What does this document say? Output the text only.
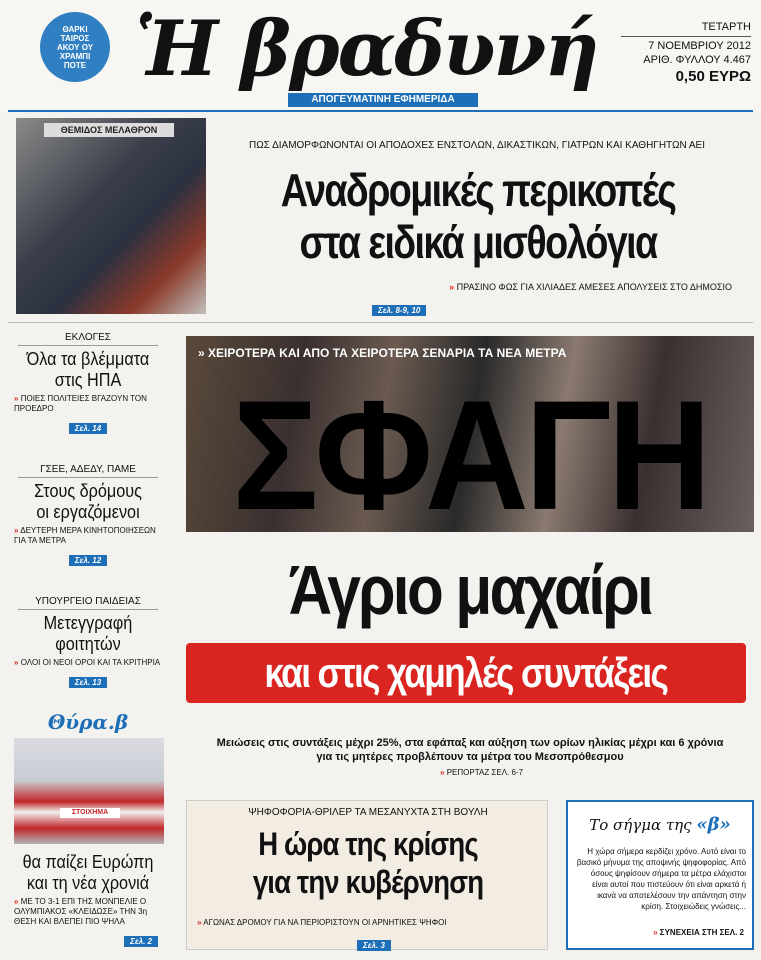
ΘΑΡΚΙ ΤΑΙΡΟΣ ΑΚΟΥ ΟΥ ΧΡΑΜΠΙ ΠΟΤΕ Ἡ βραδυνή
ΑΠΟΓΕΥΜΑΤΙΝΗ ΕΦΗΜΕΡΙΔΑ
ΤΕΤΑΡΤΗ
7 ΝΟΕΜΒΡΙΟΥ 2012
ΑΡΙΘ. ΦΥΛΛΟΥ 4.467
0,50 ΕΥΡΩ
ΘΕΜΙΔΟΣ ΜΕΛΑΘΡΟΝ
ΠΩΣ ΔΙΑΜΟΡΦΩΝΟΝΤΑΙ ΟΙ ΑΠΟΔΟΧΕΣ ΕΝΣΤΟΛΩΝ, ΔΙΚΑΣΤΙΚΩΝ, ΓΙΑΤΡΩΝ ΚΑΙ ΚΑΘΗΓΗΤΩΝ ΑΕΙ
Αναδρομικές περικοπές
στα ειδικά μισθολόγια
» ΠΡΑΣΙΝΟ ΦΩΣ ΓΙΑ ΧΙΛΙΑΔΕΣ ΑΜΕΣΕΣ ΑΠΟΛΥΣΕΙΣ ΣΤΟ ΔΗΜΟΣΙΟ
Σελ. 8-9, 10
ΕΚΛΟΓΕΣ
Όλα τα βλέμματα
στις ΗΠΑ
» ΠΟΙΕΣ ΠΟΛΙΤΕΙΕΣ ΒΓΑΖΟΥΝ ΤΟΝ ΠΡΟΕΔΡΟ
Σελ. 14
ΓΣΕΕ, ΑΔΕΔΥ, ΠΑΜΕ
Στους δρόμους
οι εργαζόμενοι
» ΔΕΥΤΕΡΗ ΜΕΡΑ ΚΙΝΗΤΟΠΟΙΗΣΕΩΝ ΓΙΑ ΤΑ ΜΕΤΡΑ
Σελ. 12
ΥΠΟΥΡΓΕΙΟ ΠΑΙΔΕΙΑΣ
Μετεγγραφή
φοιτητών
» ΟΛΟΙ ΟΙ ΝΕΟΙ ΟΡΟΙ ΚΑΙ ΤΑ ΚΡΙΤΗΡΙΑ
Σελ. 13
Θύρα.β
ΣΤΟΙΧΗΜΑ
θα παίζει Ευρώπη
και τη νέα χρονιά
» ΜΕ ΤΟ 3-1 ΕΠΙ ΤΗΣ ΜΟΝΠΕΛΙΕ Ο ΟΛΥΜΠΙΑΚΟΣ «ΚΛΕΙΔΩΣΕ» ΤΗΝ 3η ΘΕΣΗ ΚΑΙ ΒΛΕΠΕΙ ΠΙΟ ΨΗΛΑ
Σελ. 2
» ΧΕΙΡΟΤΕΡΑ ΚΑΙ ΑΠΟ ΤΑ ΧΕΙΡΟΤΕΡΑ ΣΕΝΑΡΙΑ ΤΑ ΝΕΑ ΜΕΤΡΑ
ΣΦΑΓΗ
Άγριο μαχαίρι
και στις χαμηλές συντάξεις
Μειώσεις στις συντάξεις μέχρι 25%, στα εφάπαξ και αύξηση των ορίων ηλικίας μέχρι και 6 χρόνια
για τις μητέρες προβλέπουν τα μέτρα του Μεσοπρόθεσμου
» ΡΕΠΟΡΤΑΖ ΣΕΛ. 6-7
ΨΗΦΟΦΟΡΙΑ-ΘΡΙΛΕΡ ΤΑ ΜΕΣΑΝΥΧΤΑ ΣΤΗ ΒΟΥΛΗ
Η ώρα της κρίσης
για την κυβέρνηση
» ΑΓΩΝΑΣ ΔΡΟΜΟΥ ΓΙΑ ΝΑ ΠΕΡΙΟΡΙΣΤΟΥΝ ΟΙ ΑΡΝΗΤΙΚΕΣ ΨΗΦΟΙ
Σελ. 3
Το σήγμα της «β»
Η χώρα σήμερα κερδίζει χρόνο. Αυτό είναι το βασικό μήνυμα της αποψινής ψηφοφορίας. Από όσους ψηφίσουν σήμερα τα μέτρα ελάχιστοι είναι αυτοί που πιστεύουν ότι είναι αρκετά ή ικανά να αποτελέσουν την απάντηση στην κρίση. Στοιχειώδεις γνώσεις...
» ΣΥΝΕΧΕΙΑ ΣΤΗ ΣΕΛ. 2
